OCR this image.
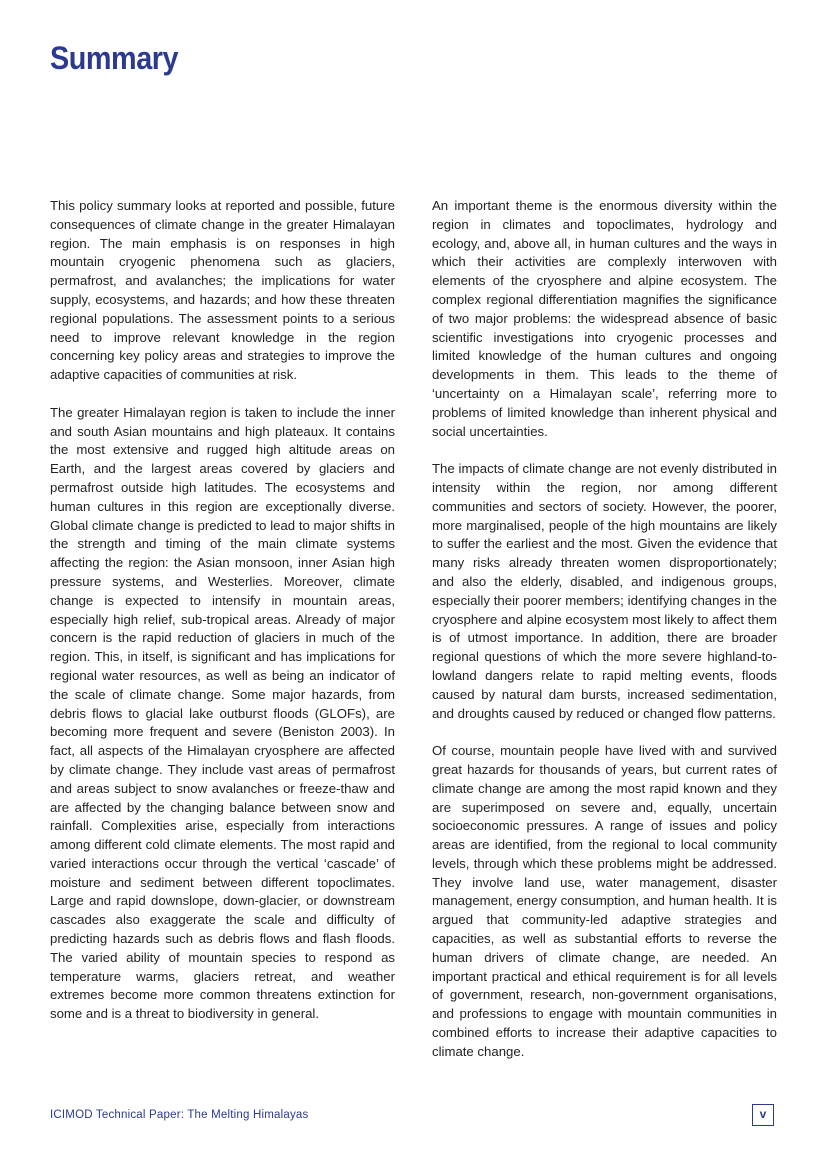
Summary

This policy summary looks at reported and possible, future consequences of climate change in the greater Himalayan region. The main emphasis is on responses in high mountain cryogenic phenomena such as glaciers, permafrost, and avalanches; the implications for water supply, ecosystems, and hazards; and how these threaten regional populations. The assessment points to a serious need to improve relevant knowledge in the region concerning key policy areas and strategies to improve the adaptive capacities of communities at risk.

The greater Himalayan region is taken to include the inner and south Asian mountains and high plateaux. It contains the most extensive and rugged high altitude areas on Earth, and the largest areas covered by glaciers and permafrost outside high latitudes. The ecosystems and human cultures in this region are exceptionally diverse. Global climate change is predicted to lead to major shifts in the strength and timing of the main climate systems affecting the region: the Asian monsoon, inner Asian high pressure systems, and Westerlies. Moreover, climate change is expected to intensify in mountain areas, especially high relief, sub-tropical areas. Already of major concern is the rapid reduction of glaciers in much of the region. This, in itself, is significant and has implications for regional water resources, as well as being an indicator of the scale of climate change. Some major hazards, from debris flows to glacial lake outburst floods (GLOFs), are becoming more frequent and severe (Beniston 2003). In fact, all aspects of the Himalayan cryosphere are affected by climate change. They include vast areas of permafrost and areas subject to snow avalanches or freeze-thaw and are affected by the changing balance between snow and rainfall. Complexities arise, especially from interactions among different cold climate elements. The most rapid and varied interactions occur through the vertical ‘cascade’ of moisture and sediment between different topoclimates. Large and rapid downslope, down-glacier, or downstream cascades also exaggerate the scale and difficulty of predicting hazards such as debris flows and flash floods. The varied ability of mountain species to respond as temperature warms, glaciers retreat, and weather extremes become more common threatens extinction for some and is a threat to biodiversity in general.

An important theme is the enormous diversity within the region in climates and topoclimates, hydrology and ecology, and, above all, in human cultures and the ways in which their activities are complexly interwoven with elements of the cryosphere and alpine ecosystem. The complex regional differentiation magnifies the significance of two major problems: the widespread absence of basic scientific investigations into cryogenic processes and limited knowledge of the human cultures and ongoing developments in them. This leads to the theme of ‘uncertainty on a Himalayan scale’, referring more to problems of limited knowledge than inherent physical and social uncertainties.

The impacts of climate change are not evenly distributed in intensity within the region, nor among different communities and sectors of society. However, the poorer, more marginalised, people of the high mountains are likely to suffer the earliest and the most. Given the evidence that many risks already threaten women disproportionately; and also the elderly, disabled, and indigenous groups, especially their poorer members; identifying changes in the cryosphere and alpine ecosystem most likely to affect them is of utmost importance. In addition, there are broader regional questions of which the more severe highland-to-lowland dangers relate to rapid melting events, floods caused by natural dam bursts, increased sedimentation, and droughts caused by reduced or changed flow patterns.

Of course, mountain people have lived with and survived great hazards for thousands of years, but current rates of climate change are among the most rapid known and they are superimposed on severe and, equally, uncertain socioeconomic pressures. A range of issues and policy areas are identified, from the regional to local community levels, through which these problems might be addressed. They involve land use, water management, disaster management, energy consumption, and human health. It is argued that community-led adaptive strategies and capacities, as well as substantial efforts to reverse the human drivers of climate change, are needed. An important practical and ethical requirement is for all levels of government, research, non-government organisations, and professions to engage with mountain communities in combined efforts to increase their adaptive capacities to climate change.

ICIMOD Technical Paper: The Melting Himalayas	v
